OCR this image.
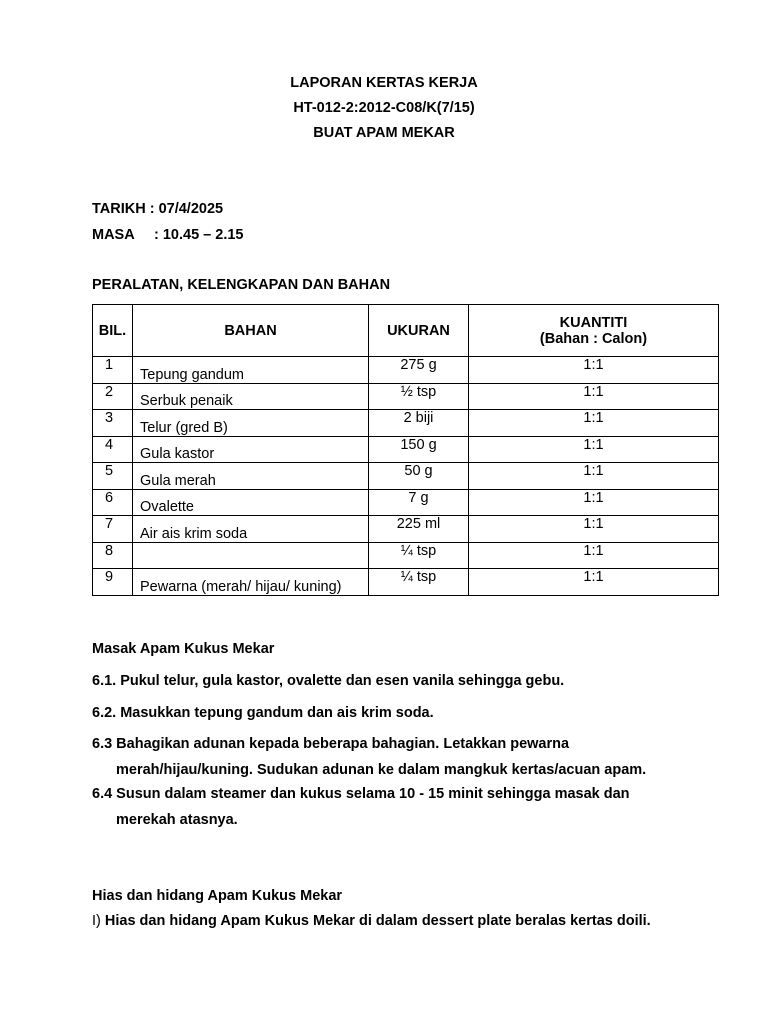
LAPORAN KERTAS KERJA
HT-012-2:2012-C08/K(7/15)
BUAT APAM MEKAR
TARIKH : 07/4/2025
MASA : 10.45 – 2.15
PERALATAN, KELENGKAPAN DAN BAHAN
BIL.	BAHAN	UKURAN	KUANTITI
(Bahan : Calon)

1	Tepung gandum	275 g	1:1
2	Serbuk penaik	½ tsp	1:1
3	Telur (gred B)	2 biji	1:1
4	Gula kastor	150 g	1:1
5	Gula merah	50 g	1:1
6	Ovalette	7 g	1:1
7	Air ais krim soda	225 ml	1:1
8		¼ tsp	1:1
9	Pewarna (merah/ hijau/ kuning)	¼ tsp	1:1
Masak Apam Kukus Mekar
6.1. Pukul telur, gula kastor, ovalette dan esen vanila sehingga gebu.
6.2. Masukkan tepung gandum dan ais krim soda.
6.3 Bahagikan adunan kepada beberapa bahagian. Letakkan pewarna
merah/hijau/kuning. Sudukan adunan ke dalam mangkuk kertas/acuan apam.
6.4 Susun dalam steamer dan kukus selama 10 - 15 minit sehingga masak dan
merekah atasnya.
Hias dan hidang Apam Kukus Mekar
I) Hias dan hidang Apam Kukus Mekar di dalam dessert plate beralas kertas doili.
